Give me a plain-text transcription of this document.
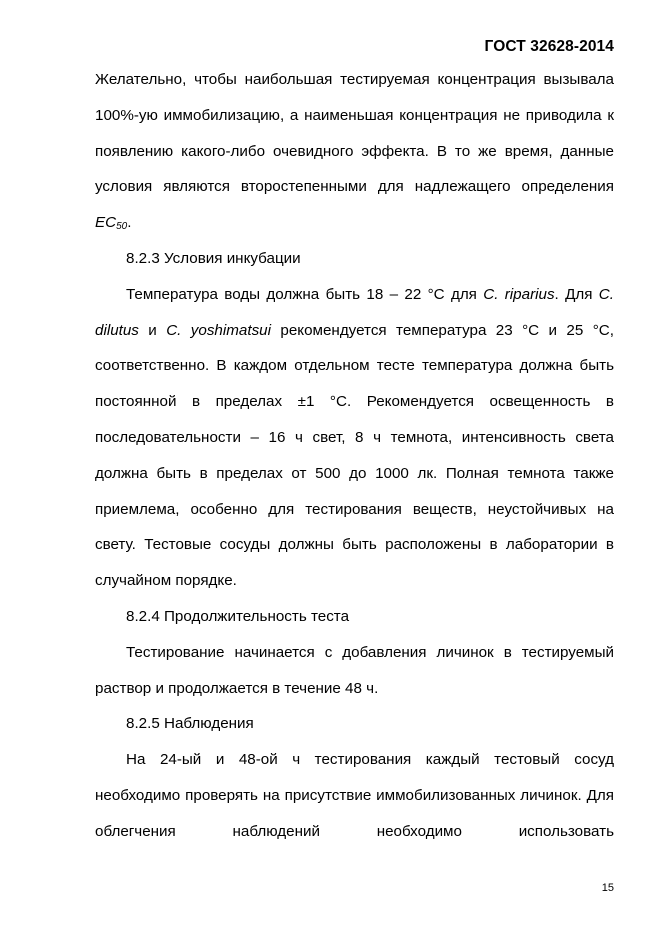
ГОСТ 32628-2014

Желательно, чтобы наибольшая тестируемая концентрация вызывала 100%-ую иммобилизацию, а наименьшая концентрация не приводила к появлению какого-либо очевидного эффекта. В то же время, данные условия являются второстепенными для надлежащего определения $EC_{50}$.

8.2.3 Условия инкубации

Температура воды должна быть 18 – 22 °С для C. riparius. Для C. dilutus и C. yoshimatsui рекомендуется температура 23 °С и 25 °С, соответственно. В каждом отдельном тесте температура должна быть постоянной в пределах ±1 °С. Рекомендуется освещенность в последовательности – 16 ч свет, 8 ч темнота, интенсивность света должна быть в пределах от 500 до 1000 лк. Полная темнота также приемлема, особенно для тестирования веществ, неустойчивых на свету. Тестовые сосуды должны быть расположены в лаборатории в случайном порядке.

8.2.4 Продолжительность теста

Тестирование начинается с добавления личинок в тестируемый раствор и продолжается в течение 48 ч.

8.2.5 Наблюдения

На 24-ый и 48-ой ч тестирования каждый тестовый сосуд необходимо проверять на присутствие иммобилизованных личинок. Для облегчения наблюдений необходимо использовать

15
